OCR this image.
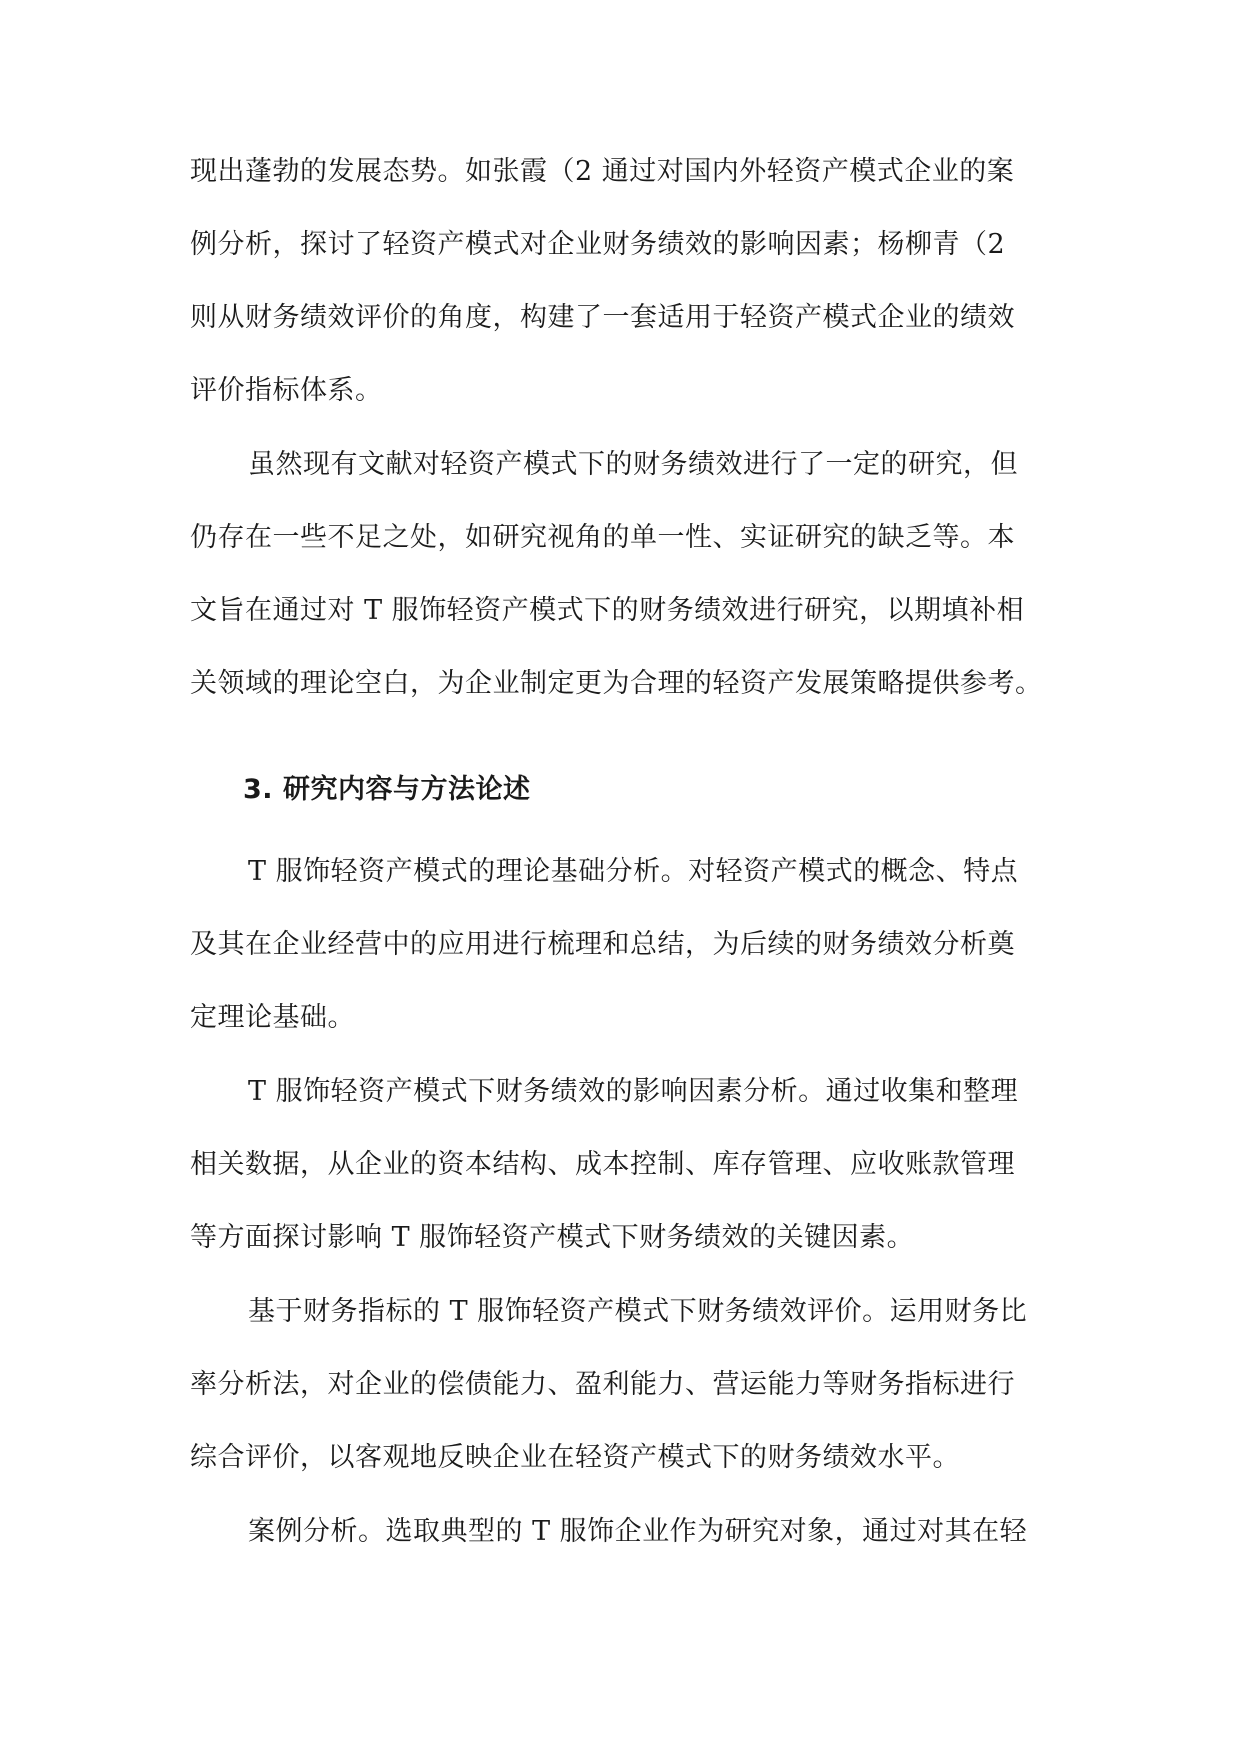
现出蓬勃的发展态势。如张霞（2 通过对国内外轻资产模式企业的案
例分析，探讨了轻资产模式对企业财务绩效的影响因素；杨柳青（2
则从财务绩效评价的角度，构建了一套适用于轻资产模式企业的绩效
评价指标体系。
虽然现有文献对轻资产模式下的财务绩效进行了一定的研究，但
仍存在一些不足之处，如研究视角的单一性、实证研究的缺乏等。本
文旨在通过对 T 服饰轻资产模式下的财务绩效进行研究，以期填补相
关领域的理论空白，为企业制定更为合理的轻资产发展策略提供参考。
3. 研究内容与方法论述
T 服饰轻资产模式的理论基础分析。对轻资产模式的概念、特点
及其在企业经营中的应用进行梳理和总结，为后续的财务绩效分析奠
定理论基础。
T 服饰轻资产模式下财务绩效的影响因素分析。通过收集和整理
相关数据，从企业的资本结构、成本控制、库存管理、应收账款管理
等方面探讨影响 T 服饰轻资产模式下财务绩效的关键因素。
基于财务指标的 T 服饰轻资产模式下财务绩效评价。运用财务比
率分析法，对企业的偿债能力、盈利能力、营运能力等财务指标进行
综合评价，以客观地反映企业在轻资产模式下的财务绩效水平。
案例分析。选取典型的 T 服饰企业作为研究对象，通过对其在轻
